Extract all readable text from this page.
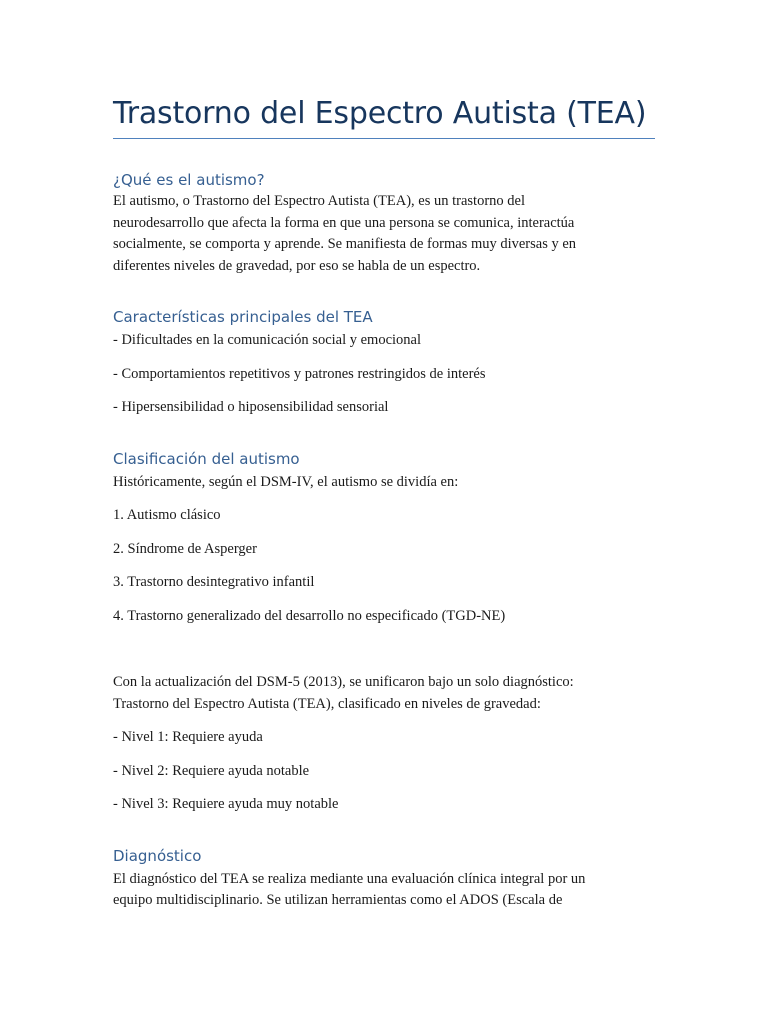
Trastorno del Espectro Autista (TEA)
¿Qué es el autismo?

El autismo, o Trastorno del Espectro Autista (TEA), es un trastorno del

neurodesarrollo que afecta la forma en que una persona se comunica, interactúa

socialmente, se comporta y aprende. Se manifiesta de formas muy diversas y en

diferentes niveles de gravedad, por eso se habla de un espectro.

Características principales del TEA

- Dificultades en la comunicación social y emocional

- Comportamientos repetitivos y patrones restringidos de interés

- Hipersensibilidad o hiposensibilidad sensorial

Clasificación del autismo

Históricamente, según el DSM-IV, el autismo se dividía en:

1. Autismo clásico

2. Síndrome de Asperger

3. Trastorno desintegrativo infantil

4. Trastorno generalizado del desarrollo no especificado (TGD-NE)

Con la actualización del DSM-5 (2013), se unificaron bajo un solo diagnóstico:

Trastorno del Espectro Autista (TEA), clasificado en niveles de gravedad:

- Nivel 1: Requiere ayuda

- Nivel 2: Requiere ayuda notable

- Nivel 3: Requiere ayuda muy notable

Diagnóstico

El diagnóstico del TEA se realiza mediante una evaluación clínica integral por un

equipo multidisciplinario. Se utilizan herramientas como el ADOS (Escala de
